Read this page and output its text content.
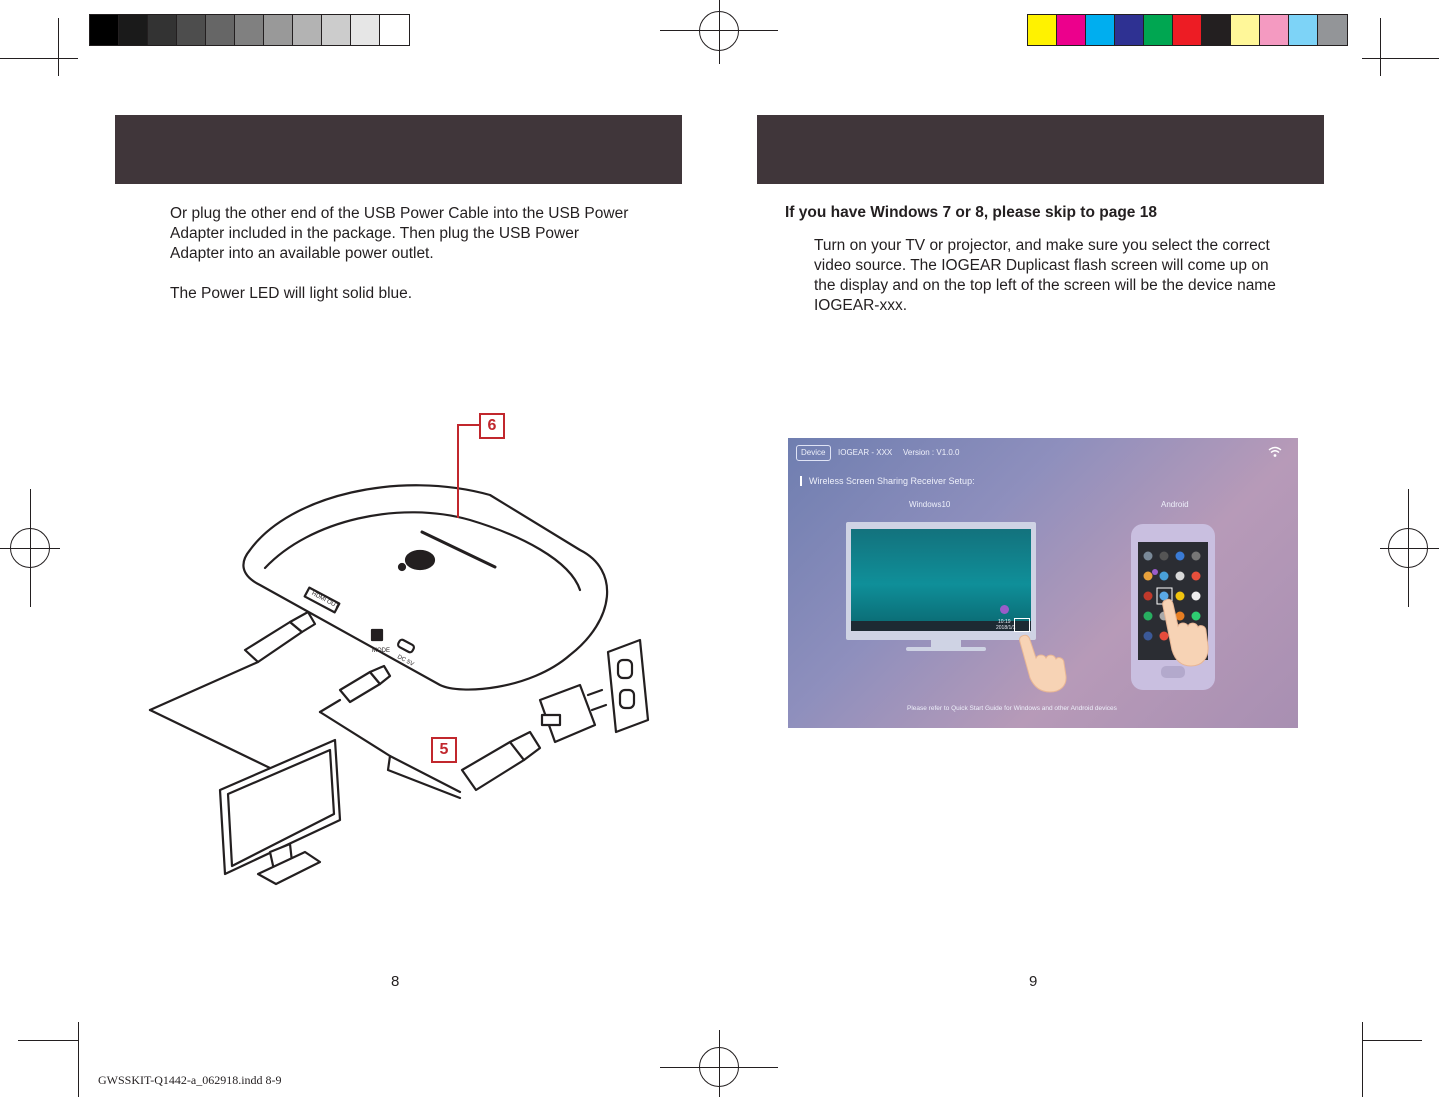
Or plug the other end of the USB Power Cable into the USB Power Adapter included in the package. Then plug the USB Power Adapter into an available power outlet.

The Power LED will light solid blue.

HDMI OUT
MODE
DC 5V
6
5
8
If you have Windows 7 or 8, please skip to page 18

Turn on your TV or projector, and make sure you select the correct video source. The IOGEAR Duplicast flash screen will come up on the display and on the top left of the screen will be the device name IOGEAR-xxx.

Device IOGEAR - XXX Version : V1.0.0
Wireless Screen Sharing Receiver Setup:
Windows10	Android
10:19
2018/1/1
Please refer to Quick Start Guide for Windows and other Android devices
9
GWSSKIT-Q1442-a_062918.indd 8-9
